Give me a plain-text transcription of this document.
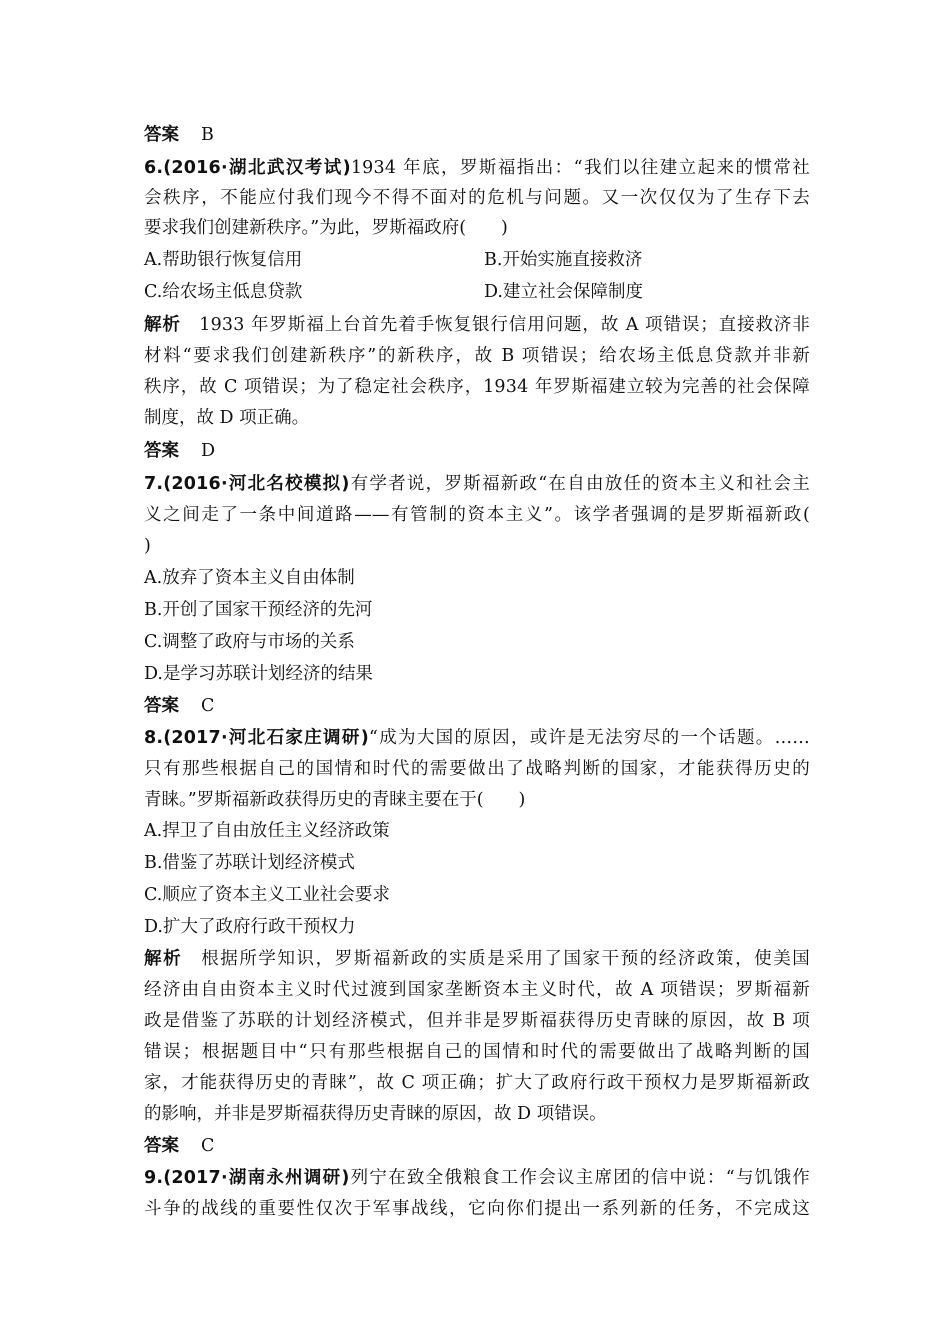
答案 B
6.(2016·湖北武汉考试)1934 年底，罗斯福指出：“我们以往建立起来的惯常社
会秩序，不能应付我们现今不得不面对的危机与问题。又一次仅仅为了生存下去
要求我们创建新秩序。”为此，罗斯福政府(　　)
A.帮助银行恢复信用	B.开始实施直接救济
C.给农场主低息贷款	D.建立社会保障制度
解析　 1933 年罗斯福上台首先着手恢复银行信用问题，故 A 项错误；直接救济非
材料“要求我们创建新秩序”的新秩序，故 B 项错误；给农场主低息贷款并非新
秩序，故 C 项错误；为了稳定社会秩序，1934 年罗斯福建立较为完善的社会保障
制度，故 D 项正确。
答案 D
7.(2016·河北名校模拟)有学者说，罗斯福新政“在自由放任的资本主义和社会主
义之间走了一条中间道路——有管制的资本主义”。该学者强调的是罗斯福新政(
)
A.放弃了资本主义自由体制
B.开创了国家干预经济的先河
C.调整了政府与市场的关系
D.是学习苏联计划经济的结果
答案 C
8.(2017·河北石家庄调研)“成为大国的原因，或许是无法穷尽的一个话题。……
只有那些根据自己的国情和时代的需要做出了战略判断的国家，才能获得历史的
青睐。”罗斯福新政获得历史的青睐主要在于(　　)
A.捍卫了自由放任主义经济政策
B.借鉴了苏联计划经济模式
C.顺应了资本主义工业社会要求
D.扩大了政府行政干预权力
解析　 根据所学知识，罗斯福新政的实质是采用了国家干预的经济政策，使美国
经济由自由资本主义时代过渡到国家垄断资本主义时代，故 A 项错误；罗斯福新
政是借鉴了苏联的计划经济模式，但并非是罗斯福获得历史青睐的原因，故 B 项
错误；根据题目中“只有那些根据自己的国情和时代的需要做出了战略判断的国
家，才能获得历史的青睐”，故 C 项正确；扩大了政府行政干预权力是罗斯福新政
的影响，并非是罗斯福获得历史青睐的原因，故 D 项错误。
答案 C
9.(2017·湖南永州调研)列宁在致全俄粮食工作会议主席团的信中说：“与饥饿作
斗争的战线的重要性仅次于军事战线，它向你们提出一系列新的任务，不完成这
